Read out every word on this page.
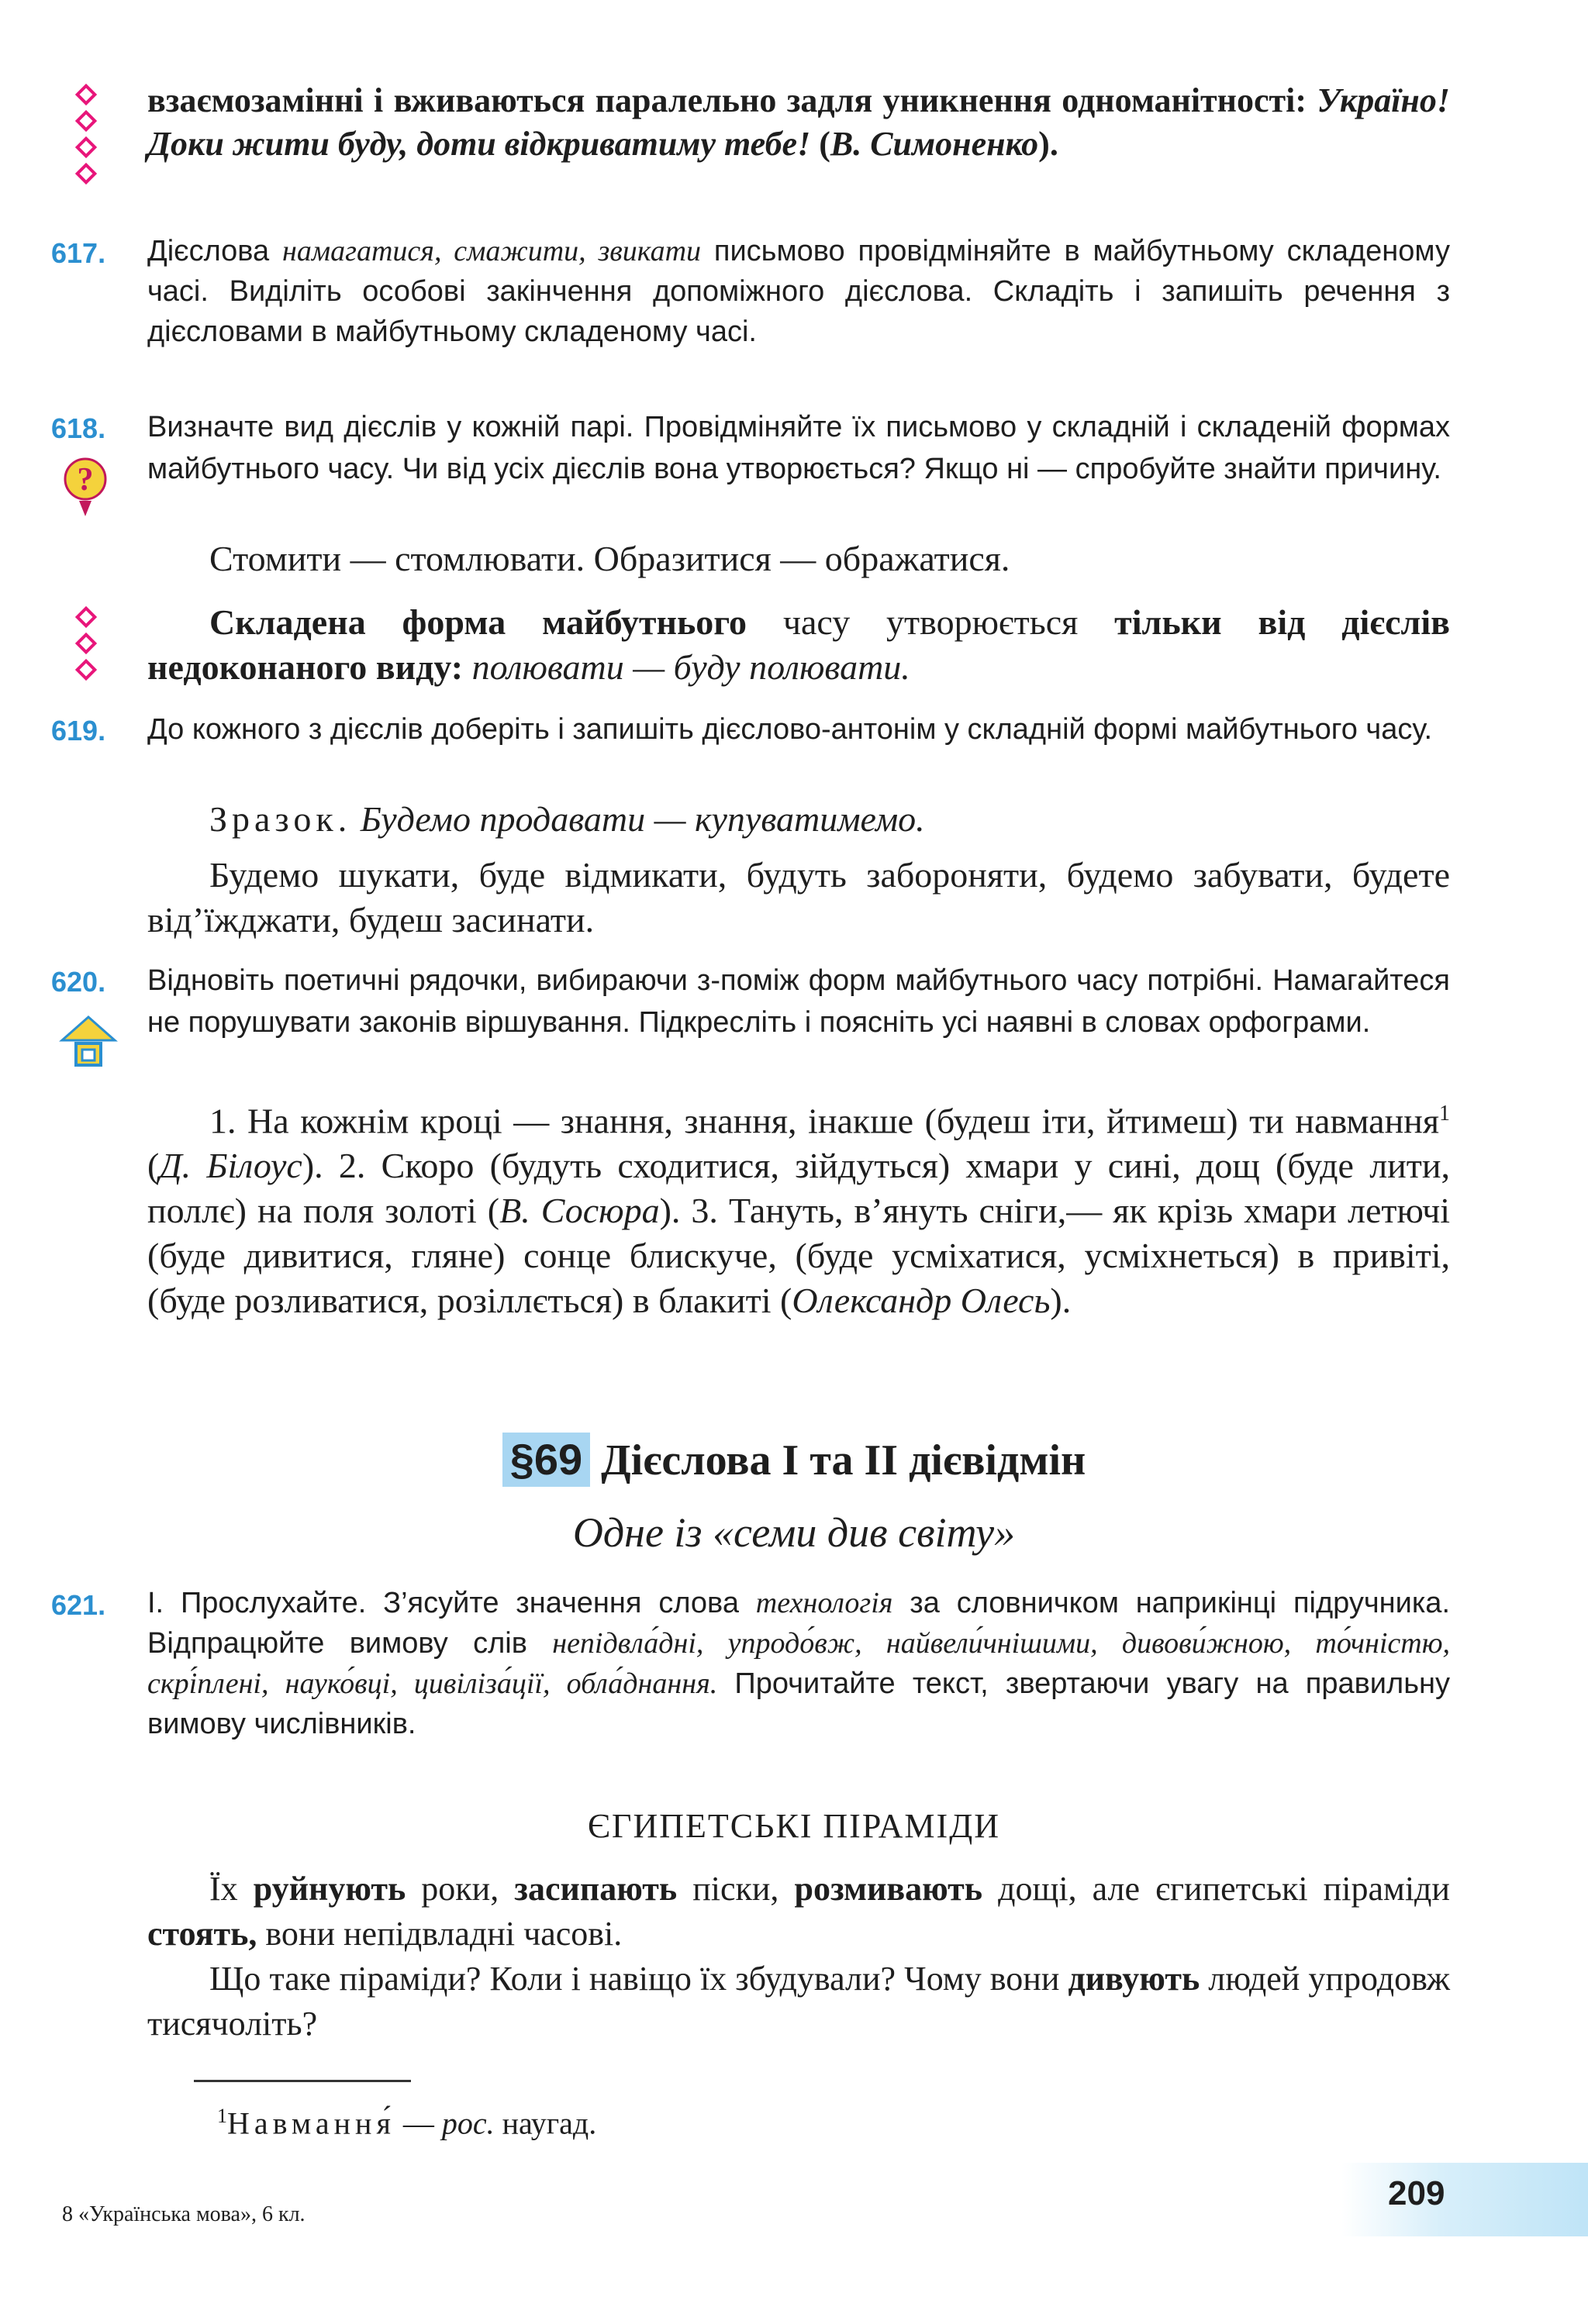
взаємозамінні і вживаються паралельно задля уникнення одноманітності: Україно! Доки жити буду, доти відкриватиму тебе! (В. Симоненко).
617. Дієслова намагатися, смажити, звикати письмово провідміняйте в майбутньому складеному часі. Виділіть особові закінчення допоміжного дієслова. Складіть і запишіть речення з дієсловами в майбутньому складеному часі.
618.
?
Визначте вид дієслів у кожній парі. Провідміняйте їх письмово у складній і складеній формах майбутнього часу. Чи від усіх дієслів вона утворюється? Якщо ні — спробуйте знайти причину.
Стомити — стомлювати. Образитися — ображатися.
Складена форма майбутнього часу утворюється тільки від дієслів недоконаного виду: полювати — буду полювати.
619. До кожного з дієслів доберіть і запишіть дієслово-антонім у складній формі майбутнього часу.
Зразок. Будемо продавати — купуватимемо.
Будемо шукати, буде відмикати, будуть забороняти, будемо забувати, будете від’їжджати, будеш засинати.
620. Відновіть поетичні рядочки, вибираючи з-поміж форм майбутнього часу потрібні. Намагайтеся не порушувати законів віршування. Підкресліть і поясніть усі наявні в словах орфограми.
1. На кожнім кроці — знання, знання, інакше (будеш іти, йтимеш) ти навмання$^1$ (Д. Білоус). 2. Скоро (будуть сходитися, зійдуться) хмари у сині, дощ (буде лити, поллє) на поля золоті (В. Сосюра). 3. Тануть, в’януть сніги,— як крізь хмари летючі (буде дивитися, гляне) сонце блискуче, (буде усміхатися, усміхнеться) в привіті, (буде розливатися, розіллється) в блакиті (Олександр Олесь).
§69 Дієслова І та ІІ дієвідмін
Одне із «семи див світу»
621. І. Прослухайте. З’ясуйте значення слова технологія за словничком наприкінці підручника. Відпрацюйте вимову слів непідвла́дні, упродо́вж, найвели́чнішими, дивови́жною, то́чністю, скрі́плені, науко́вці, цивіліза́ції, обла́днання. Прочитайте текст, звертаючи увагу на правильну вимову числівників.
ЄГИПЕТСЬКІ ПІРАМІДИ
Їх руйнують роки, засипають піски, розмивають дощі, але єгипетські піраміди стоять, вони непідвладні часові.
Що таке піраміди? Коли і навіщо їх збудували? Чому вони дивують людей упродовж тисячоліть?
$^1$Навмання́ — рос. наугад.
8 «Українська мова», 6 кл.
209
